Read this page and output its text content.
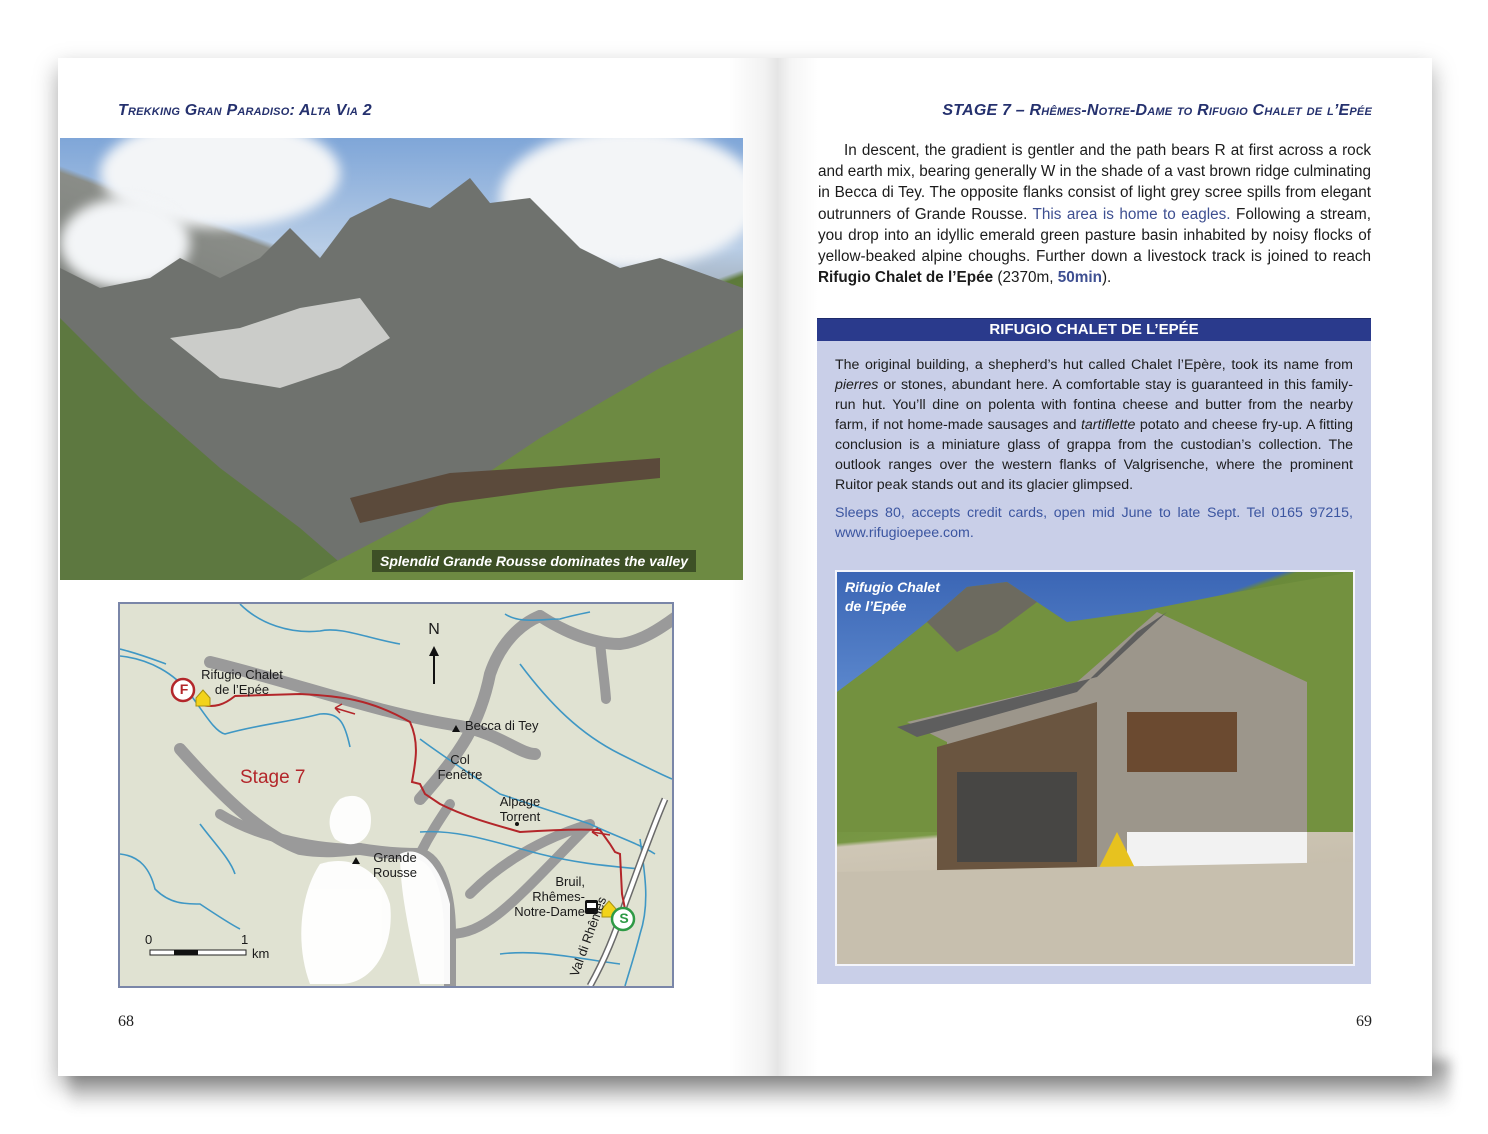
Trekking Gran Paradiso: Alta Via 2
Splendid Grande Rousse dominates the valley
F
S
N
Stage 7
Rifugio Chalet
de l’Epée
Becca di Tey
Col
Fenêtre
Alpage
Torrent
Grande
Rousse
Bruil,
Rhêmes-
Notre-Dame
Val di Rhêmes
0	1
km
68
STAGE 7 – Rhêmes-Notre-Dame to Rifugio Chalet de l’Epée
In descent, the gradient is gentler and the path bears R at first across a rock and earth mix, bearing generally W in the shade of a vast brown ridge culminating in Becca di Tey. The opposite flanks consist of light grey scree spills from elegant outrunners of Grande Rousse. This area is home to eagles. Following a stream, you drop into an idyllic emerald green pasture basin inhabited by noisy flocks of yellow-beaked alpine choughs. Further down a livestock track is joined to reach Rifugio Chalet de l’Epée (2370m, 50min).
RIFUGIO CHALET DE L’EPÉE
The original building, a shepherd’s hut called Chalet l’Epère, took its name from pierres or stones, abundant here. A comfortable stay is guaranteed in this family-run hut. You’ll dine on polenta with fontina cheese and butter from the nearby farm, if not home-made sausages and tartiflette potato and cheese fry-up. A fitting conclusion is a miniature glass of grappa from the custodian’s collection. The outlook ranges over the western flanks of Valgrisenche, where the prominent Ruitor peak stands out and its glacier glimpsed.
Sleeps 80, accepts credit cards, open mid June to late Sept. Tel 0165 97215, www.rifugioepee.com.
Rifugio Chalet
de l’Epée
69
